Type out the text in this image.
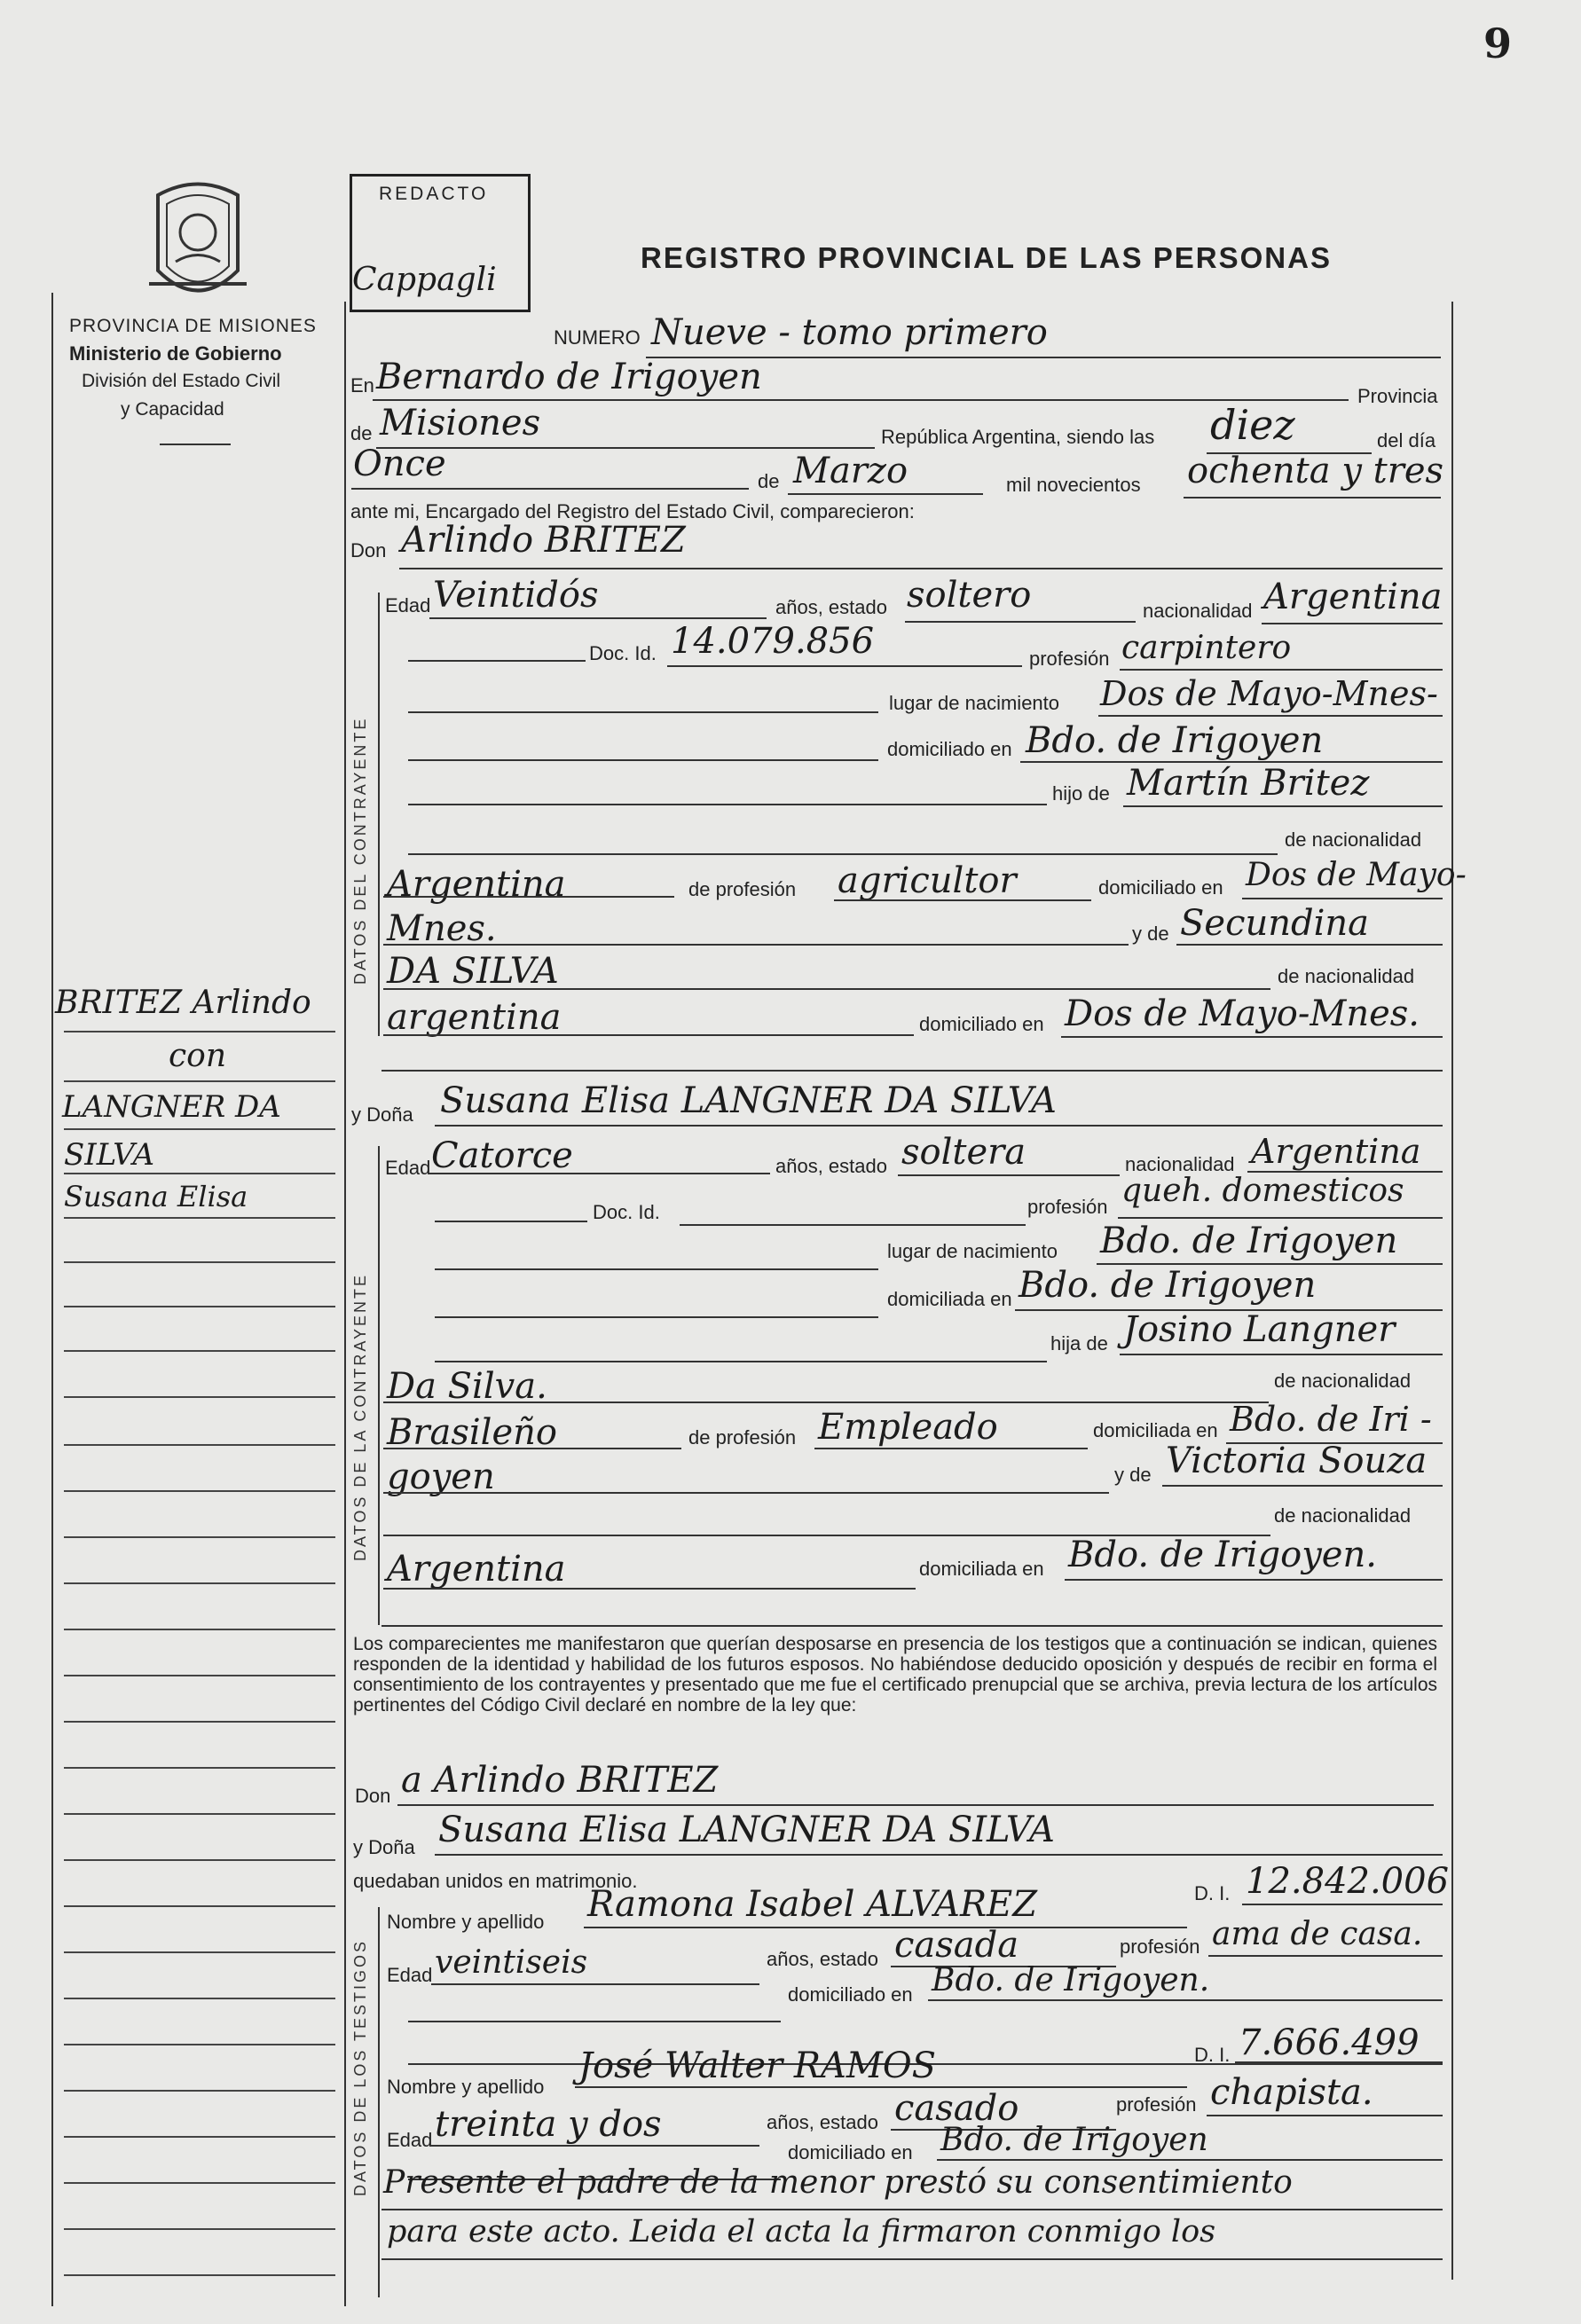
9
PROVINCIA DE MISIONES
Ministerio de Gobierno
División del Estado Civil
y Capacidad
REDACTO
Cappagli
REGISTRO PROVINCIAL DE LAS PERSONAS
BRITEZ Arlindo
con
LANGNER DA
SILVA
Susana Elisa
NUMERO Nueve - tomo primero
En Bernardo de Irigoyen	Provincia
de Misiones	República Argentina, siendo las diez	del día
Once	de Marzo	mil novecientos ochenta y tres
ante mi, Encargado del Registro del Estado Civil, comparecieron:
Don Arlindo BRITEZ
DATOS DEL CONTRAYENTE
Edad Veintidós	años, estado soltero	nacionalidad Argentina
Doc. Id. 14.079.856	profesión carpintero
lugar de nacimiento Dos de Mayo-Mnes-
domiciliado en Bdo. de Irigoyen
hijo de Martín Britez
de nacionalidad
Argentina	de profesión agricultor	domiciliado en Dos de Mayo-
Mnes.	y de Secundina
DA SILVA	de nacionalidad
argentina	domiciliado en Dos de Mayo-Mnes.
y Doña Susana Elisa LANGNER DA SILVA
DATOS DE LA CONTRAYENTE
Edad Catorce	años, estado soltera	nacionalidad Argentina
Doc. Id.	profesión queh. domesticos
lugar de nacimiento Bdo. de Irigoyen
domiciliada en Bdo. de Irigoyen
hija de Josino Langner
Da Silva.	de nacionalidad
Brasileño	de profesión Empleado	domiciliada en Bdo. de Iri -
goyen	y de Victoria Souza
de nacionalidad
Argentina	domiciliada en Bdo. de Irigoyen.
Los comparecientes me manifestaron que querían desposarse en presencia de los testigos que a continuación se indican, quienes responden de la identidad y habilidad de los futuros esposos. No habiéndose deducido oposición y después de recibir en forma el consentimiento de los contrayentes y presentado que me fue el certificado prenupcial que se archiva, previa lectura de los artículos pertinentes del Código Civil declaré en nombre de la ley que:
Don a Arlindo BRITEZ
y Doña Susana Elisa LANGNER DA SILVA
quedaban unidos en matrimonio.
DATOS DE LOS TESTIGOS
Nombre y apellido Ramona Isabel ALVAREZ	D. I. 12.842.006
Edad veintiseis	años, estado casada	profesión ama de casa.
domiciliado en Bdo. de Irigoyen.
Nombre y apellido
José Walter RAMOS	D. I. 7.666.499
Edad treinta y dos	años, estado casado	profesión chapista.
domiciliado en Bdo. de Irigoyen
Presente el padre de la menor prestó su consentimiento
para este acto. Leida el acta la firmaron conmigo los
